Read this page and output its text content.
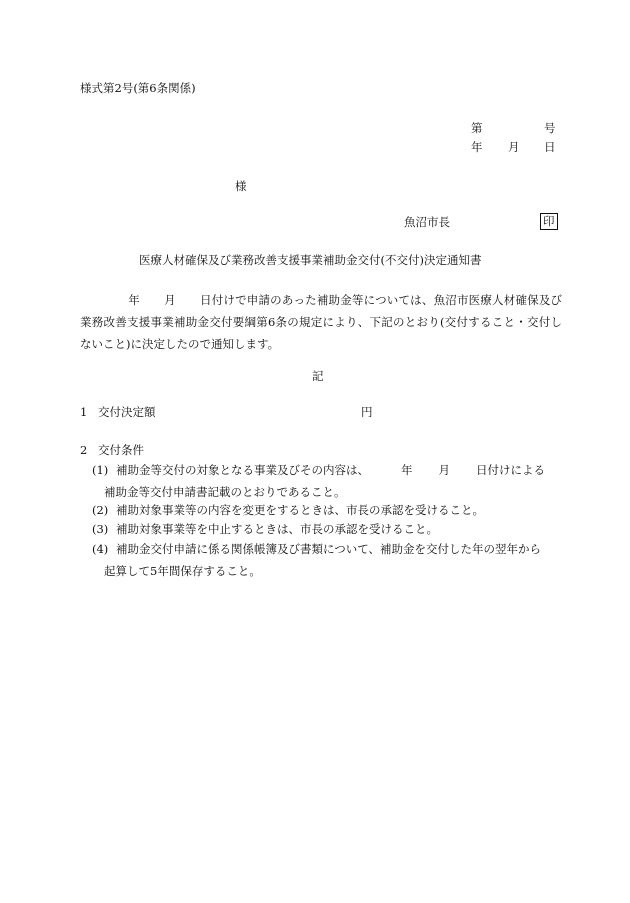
様式第2号(第6条関係)
第	号
年 月 日
様
魚沼市長	印
医療人材確保及び業務改善支援事業補助金交付(不交付)決定通知書
年 月 日付けで申請のあった補助金等については、魚沼市医療人材確保及び業務改善支援事業補助金交付要綱第6条の規定により、下記のとおり(交付すること・交付しないこと)に決定したので通知します。
記
1 交付決定額	円
2 交付条件
(1) 補助金等交付の対象となる事業及びその内容は、	年 月 日付けによる
補助金等交付申請書記載のとおりであること。
(2) 補助対象事業等の内容を変更をするときは、市長の承認を受けること。
(3) 補助対象事業等を中止するときは、市長の承認を受けること。
(4) 補助金交付申請に係る関係帳簿及び書類について、補助金を交付した年の翌年から
起算して5年間保存すること。
